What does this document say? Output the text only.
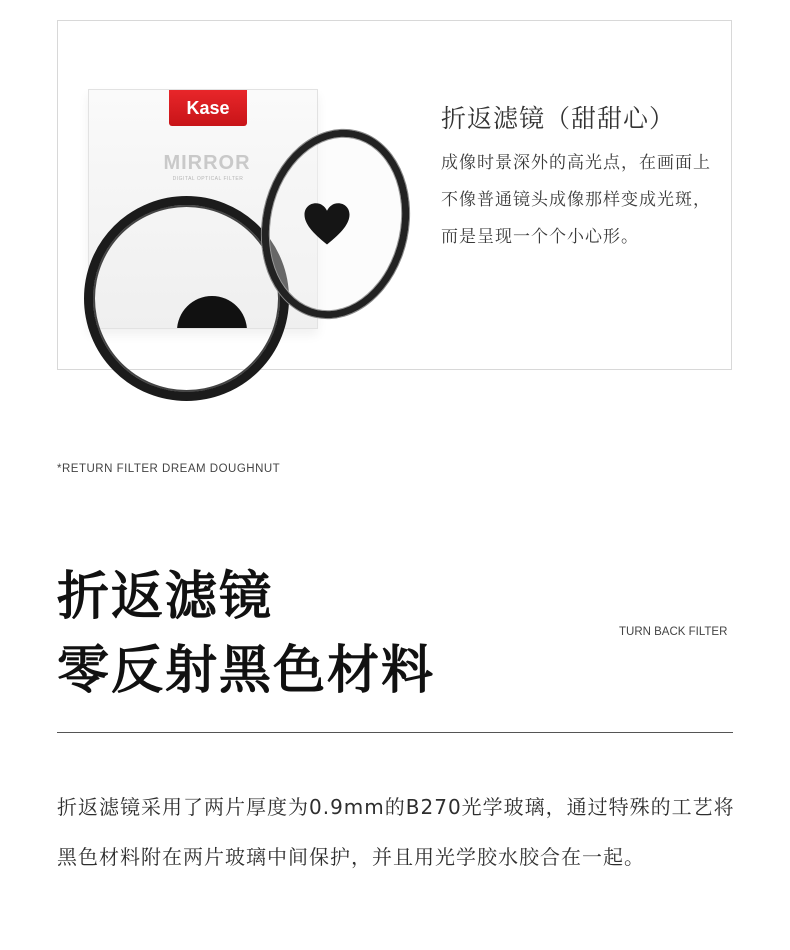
Kase
MIRROR
DIGITAL OPTICAL FILTER
折返滤镜（甜甜心）
成像时景深外的高光点，在画面上不像普通镜头成像那样变成光斑，而是呈现一个个小心形。
*RETURN FILTER DREAM DOUGHNUT
折返滤镜
零反射黑色材料
TURN BACK FILTER
折返滤镜采用了两片厚度为0.9mm的B270光学玻璃，通过特殊的工艺将黑色材料附在两片玻璃中间保护，并且用光学胶水胶合在一起。
